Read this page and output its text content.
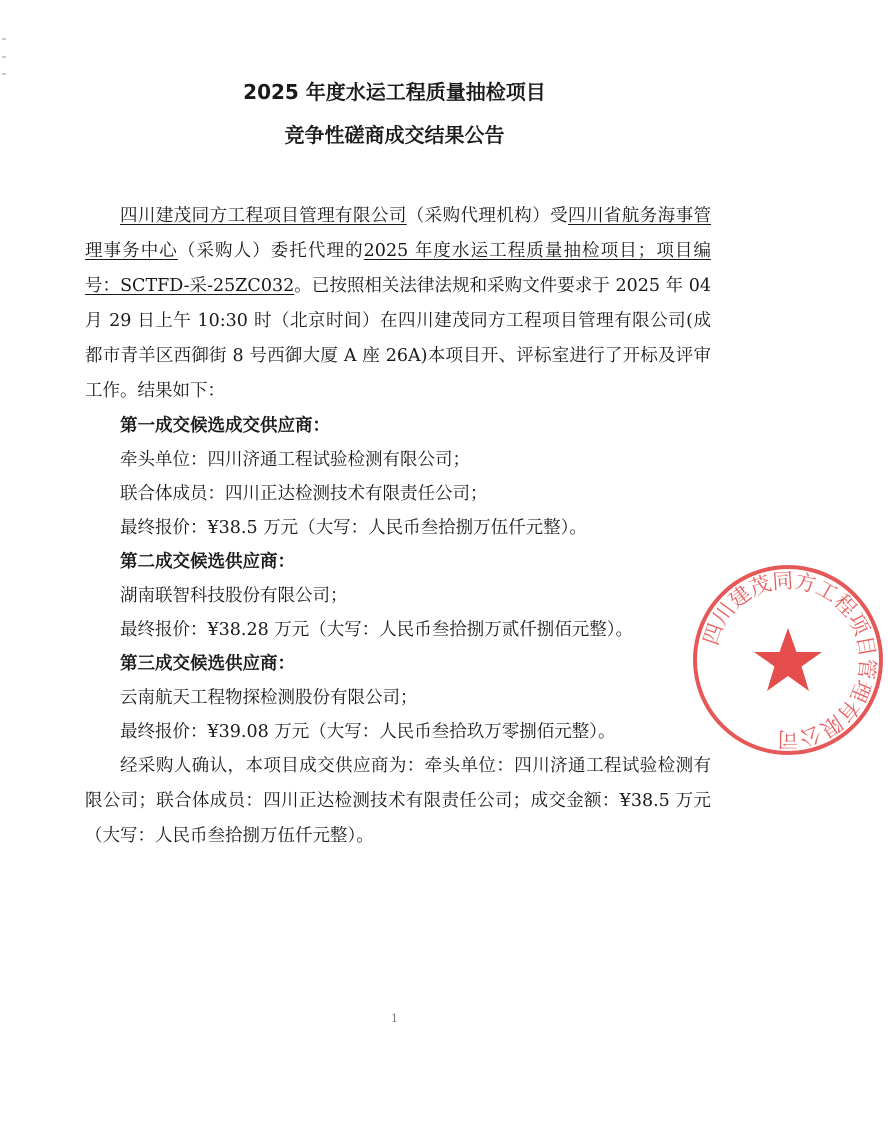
2025 年度水运工程质量抽检项目
竞争性磋商成交结果公告

四川建茂同方工程项目管理有限公司（采购代理机构）受四川省航务海事管理事务中心（采购人）委托代理的2025 年度水运工程质量抽检项目；项目编号：SCTFD-采-25ZC032。已按照相关法律法规和采购文件要求于 2025 年 04 月 29 日上午 10:30 时（北京时间）在四川建茂同方工程项目管理有限公司(成都市青羊区西御街 8 号西御大厦 A 座 26A)本项目开、评标室进行了开标及评审工作。结果如下：

第一成交候选成交供应商：

牵头单位：四川济通工程试验检测有限公司；

联合体成员：四川正达检测技术有限责任公司；

最终报价：¥38.5 万元（大写：人民币叁拾捌万伍仟元整）。

第二成交候选供应商：

湖南联智科技股份有限公司；

最终报价：¥38.28 万元（大写：人民币叁拾捌万贰仟捌佰元整）。

第三成交候选供应商：

云南航天工程物探检测股份有限公司；

最终报价：¥39.08 万元（大写：人民币叁拾玖万零捌佰元整）。

经采购人确认，本项目成交供应商为：牵头单位：四川济通工程试验检测有限公司；联合体成员：四川正达检测技术有限责任公司；成交金额：¥38.5 万元（大写：人民币叁拾捌万伍仟元整）。

1
四川建茂同方工程项目管理有限公司
